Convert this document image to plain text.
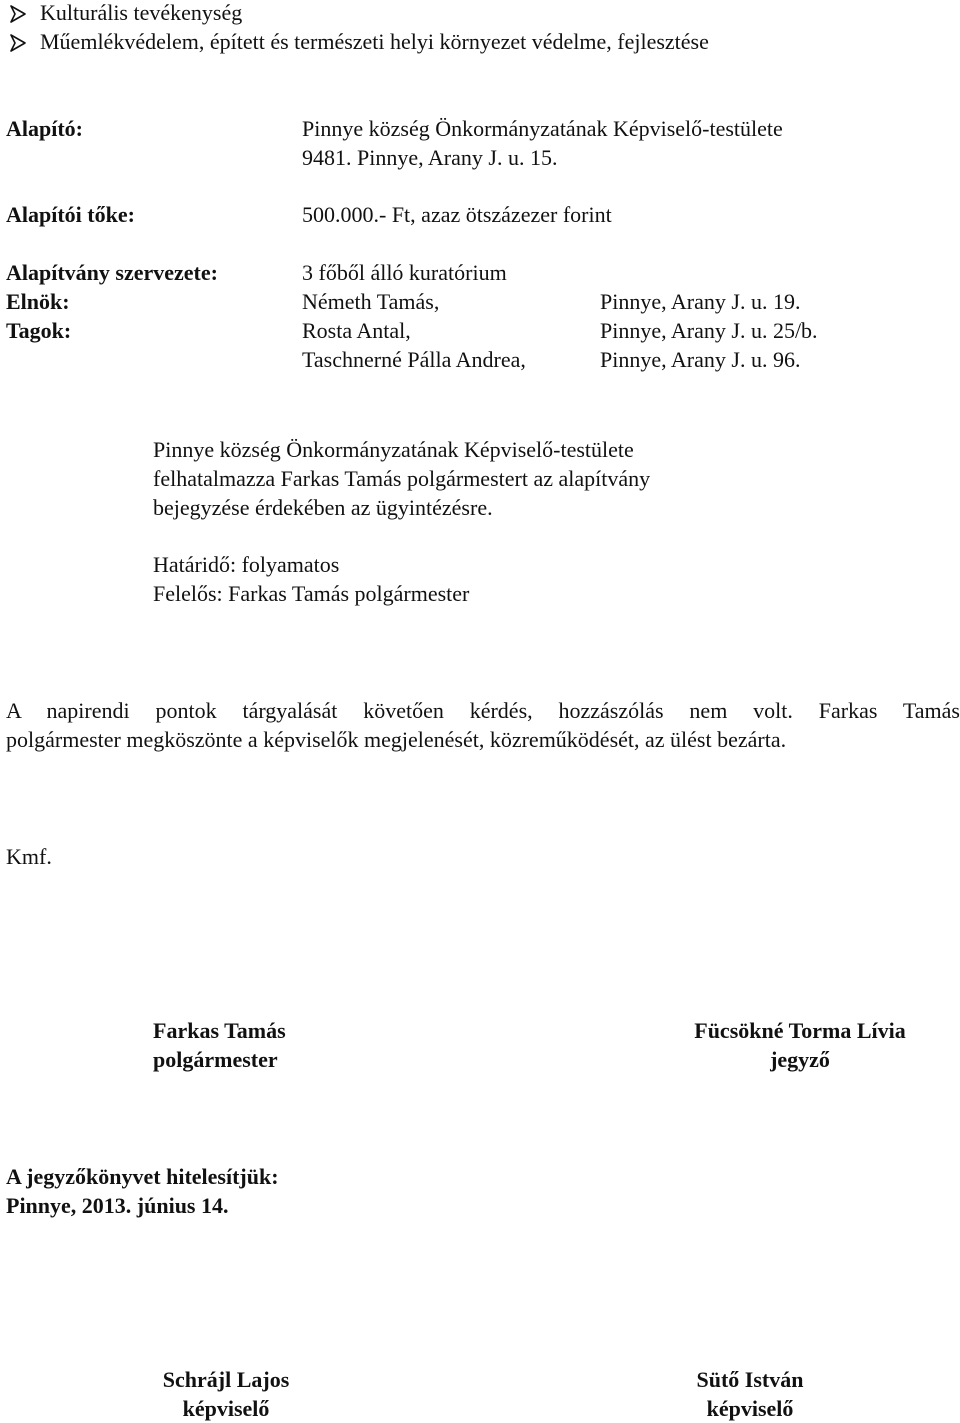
Kulturális tevékenység
Műemlékvédelem, épített és természeti helyi környezet védelme, fejlesztése
Alapító:	Pinnye község Önkormányzatának Képviselő-testülete
9481. Pinnye, Arany J. u. 15.
Alapítói tőke:	500.000.- Ft, azaz ötszázezer forint
Alapítvány szervezete:	3 főből álló kuratórium
Elnök:	Németh Tamás,	Pinnye, Arany J. u. 19.
Tagok:	Rosta Antal,	Pinnye, Arany J. u. 25/b.
Taschnerné Pálla Andrea,	Pinnye, Arany J. u. 96.
Pinnye község Önkormányzatának Képviselő-testülete
felhatalmazza Farkas Tamás polgármestert az alapítvány
bejegyzése érdekében az ügyintézésre.
Határidő: folyamatos
Felelős: Farkas Tamás polgármester
A napirendi pontok tárgyalását követően kérdés, hozzászólás nem volt. Farkas Tamás
polgármester megköszönte a képviselők megjelenését, közreműködését, az ülést bezárta.
Kmf.
Farkas Tamás
polgármester
Fücsökné Torma Lívia
jegyző
A jegyzőkönyvet hitelesítjük:
Pinnye, 2013. június 14.
Schrájl Lajos
képviselő
Sütő István
képviselő
